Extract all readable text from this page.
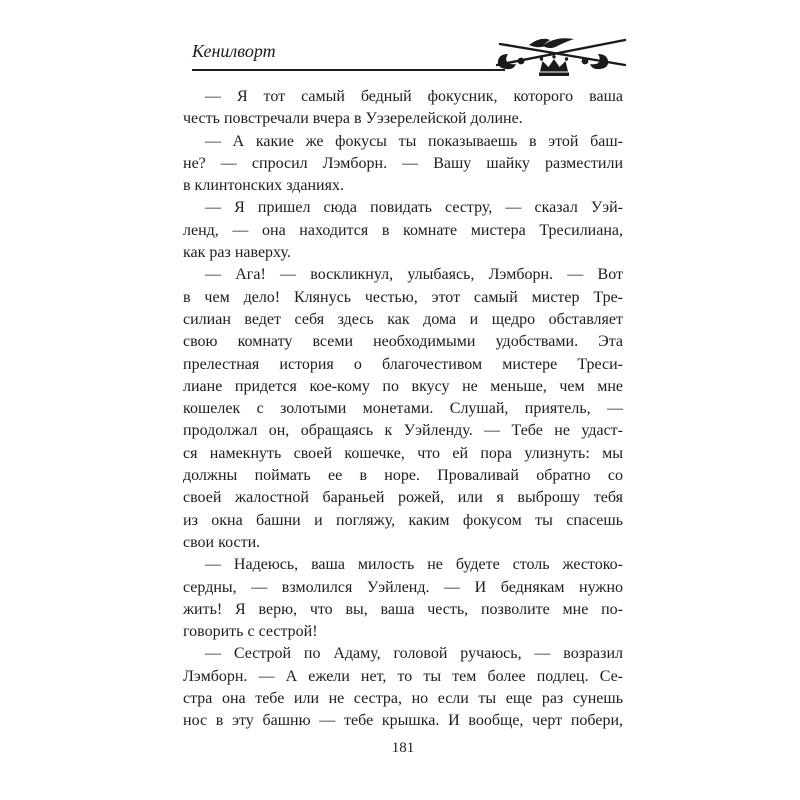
Кенилворт

— Я тот самый бедный фокусник, которого ваша
честь повстречали вчера в Уэзерелейской долине.

— А какие же фокусы ты показываешь в этой баш-
не? — спросил Лэмборн. — Вашу шайку разместили
в клинтонских зданиях.

— Я пришел сюда повидать сестру, — сказал Уэй-
ленд, — она находится в комнате мистера Тресилиана,
как раз наверху.

— Ага! — воскликнул, улыбаясь, Лэмборн. — Вот
в чем дело! Клянусь честью, этот самый мистер Тре-
силиан ведет себя здесь как дома и щедро обставляет
свою комнату всеми необходимыми удобствами. Эта
прелестная история о благочестивом мистере Треси-
лиане придется кое-кому по вкусу не меньше, чем мне
кошелек с золотыми монетами. Слушай, приятель, —
продолжал он, обращаясь к Уэйленду. — Тебе не удаст-
ся намекнуть своей кошечке, что ей пора улизнуть: мы
должны поймать ее в норе. Проваливай обратно со
своей жалостной бараньей рожей, или я выброшу тебя
из окна башни и погляжу, каким фокусом ты спасешь
свои кости.

— Надеюсь, ваша милость не будете столь жестоко-
сердны, — взмолился Уэйленд. — И беднякам нужно
жить! Я верю, что вы, ваша честь, позволите мне по-
говорить с сестрой!

— Сестрой по Адаму, головой ручаюсь, — возразил
Лэмборн. — А ежели нет, то ты тем более подлец. Се-
стра она тебе или не сестра, но если ты еще раз сунешь
нос в эту башню — тебе крышка. И вообще, черт побери,

181
